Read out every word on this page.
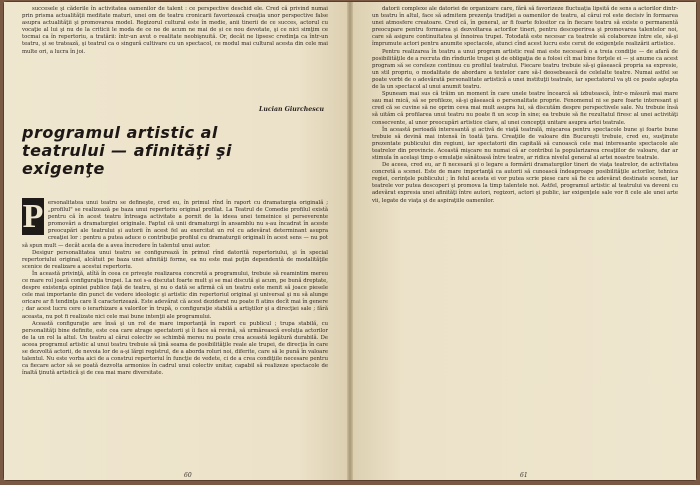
succesele şi căderile în activitatea oamenilor de talent : ce perspective deschid ele. Cred că privind numai prin prisma actualităţii meditate maturi, unei om de teatru cronicarii favorizează creaţia unor perspective false asupra actualităţii şi promovarea model. Regizorul cultural este în medie, anii tinerii de ce succes, actorul cu vocaţie al lui şi nu de la criticii le moda de ce ne de acum ne mai de și ce nou devotate, şi ce nici simţim ce tocmai ca în repertoriu, a tratării: într-un avut o realitate neobişnuită. Or, decât ne lipsesc credinţa ca într-un teatru, și se tratează, şi teatrul ca o singură cultivare cu un spectacol, ce modul mai cultural acesta din cele mai multe ori, a lucra în joi.

Lucian Giurchescu
programul artistic al teatrului — afinităţi şi exigenţe
P ersonalitatea unui teatru se defineşte, cred eu, în primul rînd în raport cu dramaturgia originală ; „profilul" se realizează pe baza unui repertoriu original profilat. La Teatrul de Comedie profilul există pentru că în acest teatru întreaga activitate a pornit de la ideea unei temeinice și perseverente promovări a dramaturgiei originale. Faptul că unii dramaturgi în ansamblu nu s-au încadrat în aceste preocupări ale teatrului și autorii în acest fel au exercitat un rol cu adevărat determinant asupra creaţiei lor : pentru a putea aduce o contribuţie profilul cu dramaturgii originali în acest sens — nu pot să spun mult — decât acela de a avea încredere în talentul unui autor.

Desigur personalitatea unui teatru se configurează în primul rînd datorită repertoriului, şi în special repertoriului original, alcătuit pe baza unei afinităţi forme, ea nu este mai puţin dependentă de modalităţile scenice de realizare a acestui repertoriu.

În această privinţă, atîtă în ceea ce priveşte realizarea concretă a programului, trebuie să reamintim mereu ce mare rol joacă configuraţia trupei. La noi s-a discutat foarte mult şi se mai discută şi acum, pe bună dreptate, despre existenţa opiniei publice faţă de teatru, şi nu o dată se afirmă că un teatru este menit să joace piesele cele mai importante din punct de vedere ideologic şi artistic din repertoriul original şi universal şi nu să alunge oricare ar fi tendinţa care îl caracterizează. Este adevărat că acest deziderat nu poate fi atins decît mai în genere ; dar acest lucru cere o ierarhizare a valorilor în trupă, o configuraţie stabilă a artiştilor şi a direcţiei sale ; fără aceasta, nu pot fi realizate nici cele mai bune intenţii ale programului.

Această configuraţie are însă şi un rol de mare importanţă în raport cu publicul ; trupa stabilă, cu personalităţi bine definite, este cea care atrage spectatorii şi îi face să revină, să urmărească evoluţia actorilor de la un rol la altul. Un teatru al cărui colectiv se schimbă mereu nu poate crea această legătură durabilă. De aceea programul artistic al unui teatru trebuie să ţină seama de posibilităţile reale ale trupei, de direcţia în care se dezvoltă actorii, de nevoia lor de a-şi lărgi registrul, de a aborda roluri noi, diferite, care să le pună în valoare talentul. Nu este vorba aici de a construi repertoriul în funcţie de vedete, ci de a crea condiţiile necesare pentru ca fiecare actor să se poată dezvolta armonios în cadrul unui colectiv unitar, capabil să realizeze spectacole de înaltă ţinută artistică şi de cea mai mare diversitate.

60

datorii complexe ale datoriei de organizare care, fără să favorizeze fluctuația lipsită de sens a actorilor dintr-un teatru în altul, face să admitem prezenţa tradiţiei a oamenilor de teatru, al cărui rol este decisiv în formarea unei atmosfere creatoare. Cred că, în general, ar fi foarte folositor ca în fiecare teatru să existe o permanentă preocupare pentru formarea şi dezvoltarea actorilor tineri, pentru descoperirea şi promovarea talentelor noi, care să asigure continuitatea şi înnoirea trupei. Totodată este necesar ca teatrele să colaboreze între ele, să-şi împrumute actori pentru anumite spectacole, atunci cînd acest lucru este cerut de exigenţele realizării artistice.

Pentru realizarea în teatru a unui program artistic real mai este necesară o a treia condiţie — de afară de posibilităţile de a recruta din rîndurile trupei şi de obligaţia de a folosi cît mai bine forţele ei — și anume ca acest program să se coreleze continuu cu profilul teatrului. Fiecare teatru trebuie să-şi găsească propria sa expresie, un stil propriu, o modalitate de abordare a textelor care să-l deosebească de celelalte teatre. Numai astfel se poate vorbi de o adevărată personalitate artistică a unei instituţii teatrale, iar spectatorul va şti ce poate aştepta de la un spectacol al unui anumit teatru.

Spuneam mai sus că trăim un moment în care unele teatre încearcă să izbutească, într-o măsură mai mare sau mai mică, să se profileze, să-şi găsească o personalitate proprie. Fenomenul ni se pare foarte interesant şi cred că se cuvine să ne oprim ceva mai mult asupra lui, să discutăm despre perspectivele sale. Nu trebuie însă să uităm că profilarea unui teatru nu poate fi un scop în sine; ea trebuie să fie rezultatul firesc al unei activităţi consecvente, al unor preocupări artistice clare, al unei concepţii unitare asupra artei teatrale.

În această perioadă interesantă şi activă de viaţă teatrală, mişcarea pentru spectacole bune şi foarte bune trebuie să devină mai intensă în toată ţara. Creaţiile de valoare din Bucureşti trebuie, cred eu, susţinute prezentate publicului din regiuni, iar spectatorii din capitală să cunoască cele mai interesante spectacole ale teatrelor din provincie. Această mişcare nu numai că ar contribui la popularizarea creaţiilor de valoare, dar ar stimula în acelaşi timp o emulaţie sănătoasă între teatre, ar ridica nivelul general al artei noastre teatrale.

De aceea, cred eu, ar fi necesară şi o legare a formării dramaturgilor tineri de viaţa teatrelor, de activitatea concretă a scenei. Este de mare importanţă ca autorii să cunoască îndeaproape posibilităţile actorilor, tehnica regiei, cerinţele publicului ; în felul acesta ei vor putea scrie piese care să fie cu adevărat destinate scenei, iar teatrele vor putea descoperi şi promova la timp talentele noi. Astfel, programul artistic al teatrului va deveni cu adevărat expresia unei afinităţi între autori, regizori, actori şi public, iar exigenţele sale vor fi cele ale unei arte vii, legate de viaţa şi de aspiraţiile oamenilor.

61
